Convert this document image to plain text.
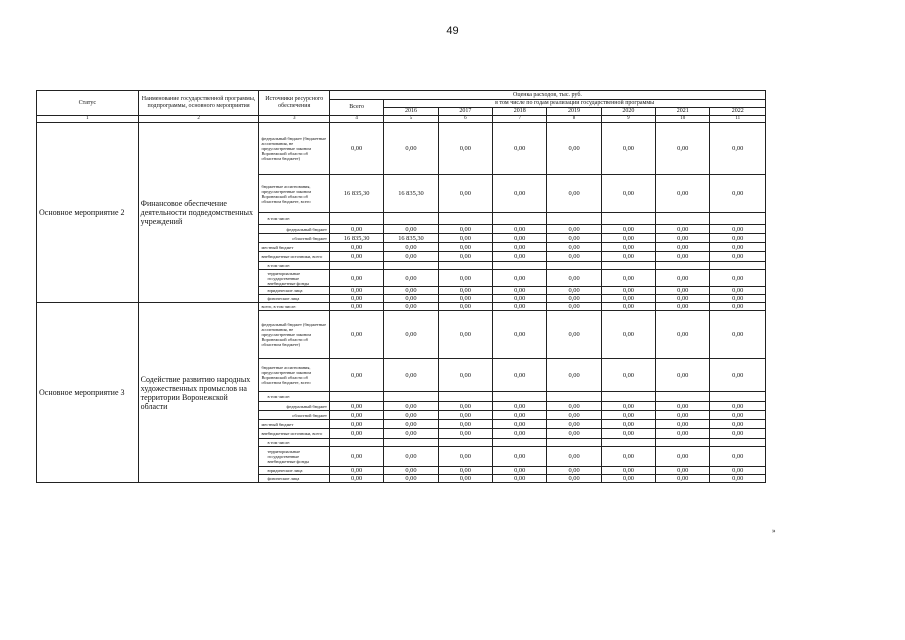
49
Статус	Наименование государственной программы, подпрограммы, основного мероприятия	Источники ресурсного обеспечения	Оценка расходов, тыс. руб.							
			Всего	в том числе по годам реализации государственной программы						
				2016	2017	2018	2019	2020	2021	2022
1	2	3	4	5	6	7	8	9	10	11
Основное мероприятие 2	Финансовое обеспечение деятельности подведомственных учреждений	федеральный бюджет (бюджетные ассигнования, не предусмотренные законом Воронежской области об областном бюджете)	0,00	0,00	0,00	0,00	0,00	0,00	0,00	0,00
		бюджетные ассигнования, предусмотренные законом Воронежской области об областном бюджете, всего	16 835,30	16 835,30	0,00	0,00	0,00	0,00	0,00	0,00
		в том числе:								
		федеральный бюджет	0,00	0,00	0,00	0,00	0,00	0,00	0,00	0,00
		областной бюджет	16 835,30	16 835,30	0,00	0,00	0,00	0,00	0,00	0,00
		местный бюджет	0,00	0,00	0,00	0,00	0,00	0,00	0,00	0,00
		внебюджетные источники, всего	0,00	0,00	0,00	0,00	0,00	0,00	0,00	0,00
		в том числе:								
		территориальные государственные внебюджетные фонды	0,00	0,00	0,00	0,00	0,00	0,00	0,00	0,00
		юридические лица	0,00	0,00	0,00	0,00	0,00	0,00	0,00	0,00
		физические лица	0,00	0,00	0,00	0,00	0,00	0,00	0,00	0,00
Основное мероприятие 3	Содействие развитию народных художественных промыслов на территории Воронежской области	всего, в том числе:	0,00	0,00	0,00	0,00	0,00	0,00	0,00	0,00
		федеральный бюджет (бюджетные ассигнования, не предусмотренные законом Воронежской области об областном бюджете)	0,00	0,00	0,00	0,00	0,00	0,00	0,00	0,00
		бюджетные ассигнования, предусмотренные законом Воронежской области об областном бюджете, всего	0,00	0,00	0,00	0,00	0,00	0,00	0,00	0,00
		в том числе:								
		федеральный бюджет	0,00	0,00	0,00	0,00	0,00	0,00	0,00	0,00
		областной бюджет	0,00	0,00	0,00	0,00	0,00	0,00	0,00	0,00
		местный бюджет	0,00	0,00	0,00	0,00	0,00	0,00	0,00	0,00
		внебюджетные источники, всего	0,00	0,00	0,00	0,00	0,00	0,00	0,00	0,00
		в том числе:								
		территориальные государственные внебюджетные фонды	0,00	0,00	0,00	0,00	0,00	0,00	0,00	0,00
		юридические лица	0,00	0,00	0,00	0,00	0,00	0,00	0,00	0,00
		физические лица	0,00	0,00	0,00	0,00	0,00	0,00	0,00	0,00
»
